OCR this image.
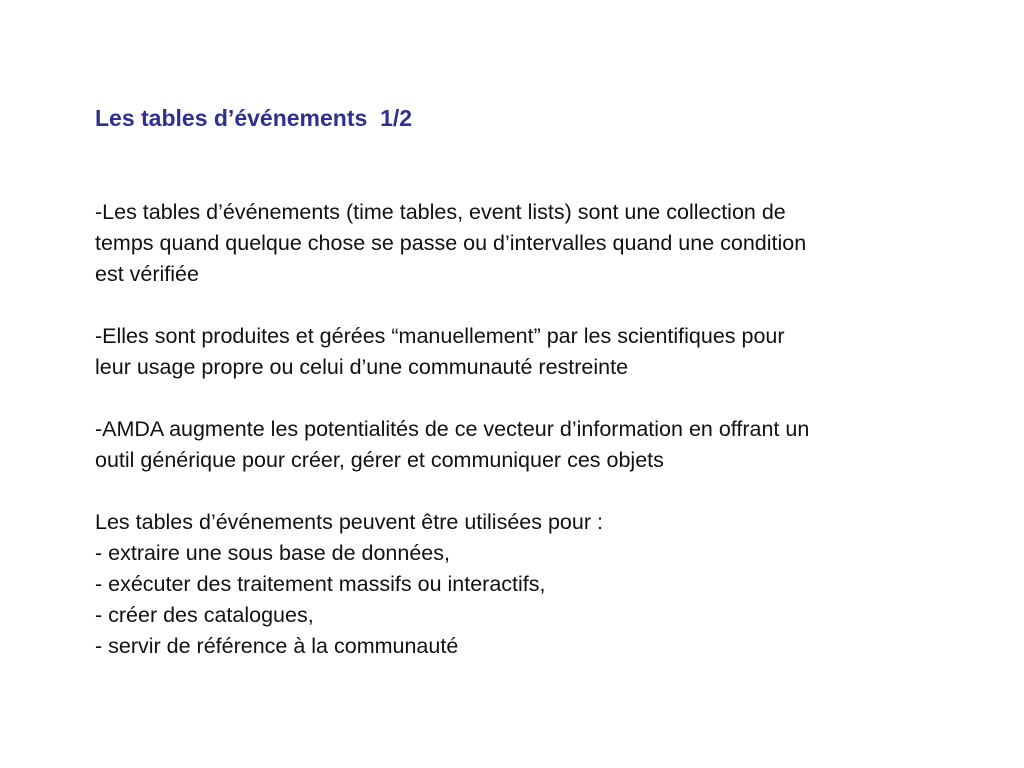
Les tables d’événements  1/2

-Les tables d’événements (time tables, event lists) sont une collection de
temps quand quelque chose se passe ou d’intervalles quand une condition
est vérifiée

-Elles sont produites et gérées “manuellement” par les scientifiques pour
leur usage propre ou celui d’une communauté restreinte

-AMDA augmente les potentialités de ce vecteur d’information en offrant un
outil générique pour créer, gérer et communiquer ces objets

Les tables d’événements peuvent être utilisées pour :
- extraire une sous base de données,
- exécuter des traitement massifs ou interactifs,
- créer des catalogues,
- servir de référence à la communauté
